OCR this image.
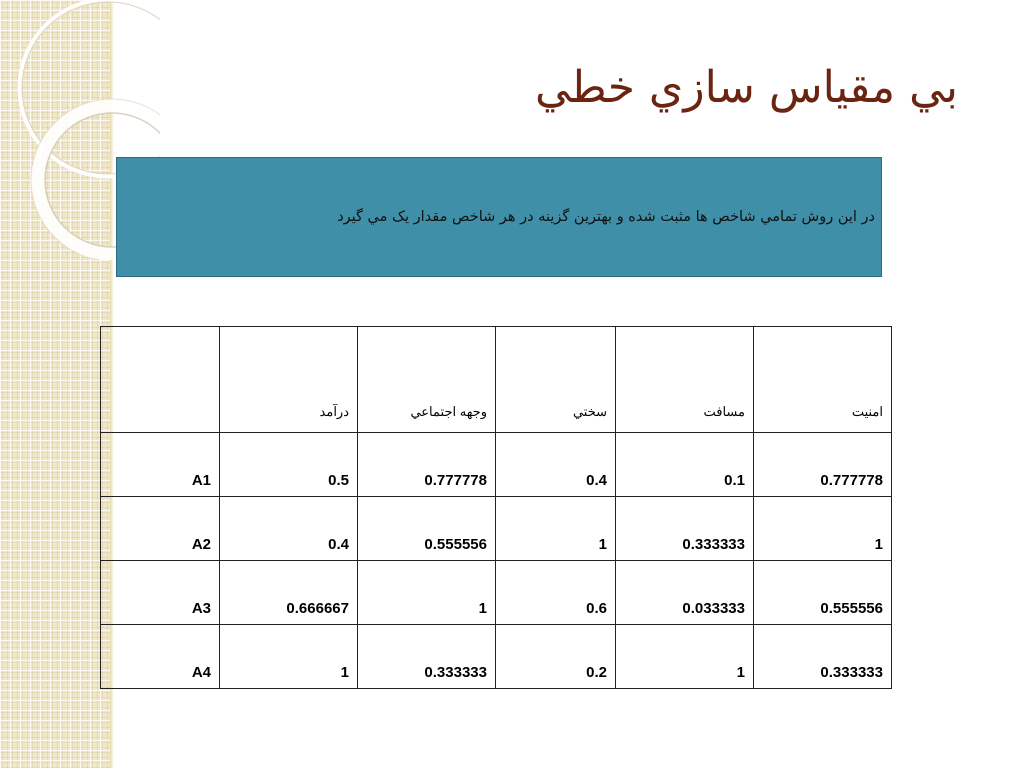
بي مقياس سازي خطي
در اين روش تمامي شاخص ها مثبت شده و بهترين گزينه در هر شاخص مقدار يک مي گيرد
	درآمد	وجهه اجتماعي	سختي	مسافت	امنيت
A1	0.5	0.777778	0.4	0.1	0.777778
A2	0.4	0.555556	1	0.333333	1
A3	0.666667	1	0.6	0.033333	0.555556
A4	1	0.333333	0.2	1	0.333333
